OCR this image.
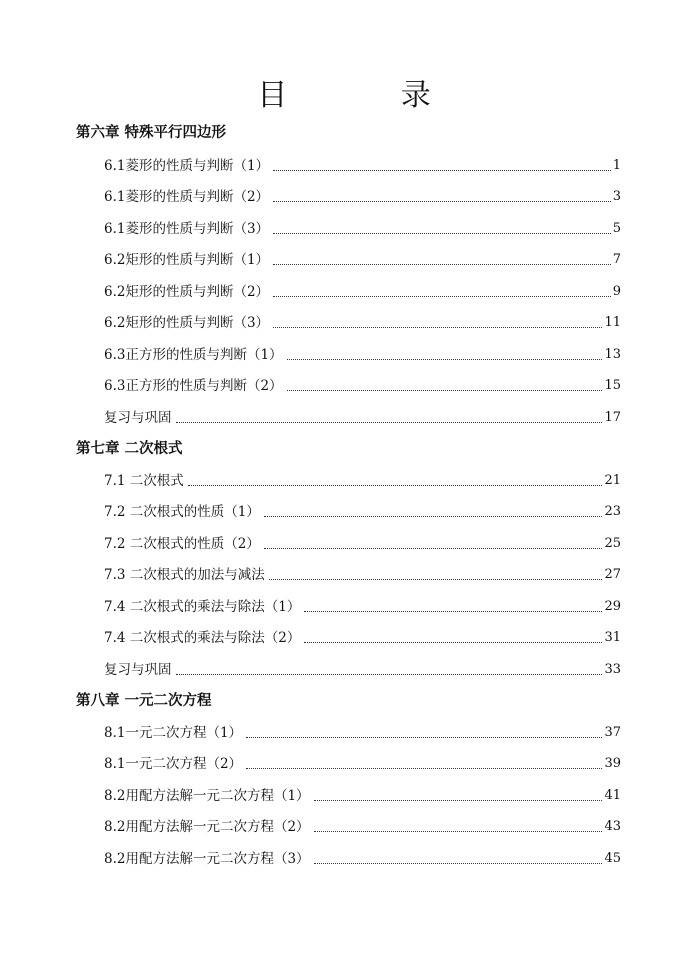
目 录
第六章 特殊平行四边形
6.1菱形的性质与判断（1）	1
6.1菱形的性质与判断（2）	3
6.1菱形的性质与判断（3）	5
6.2矩形的性质与判断（1）	7
6.2矩形的性质与判断（2）	9
6.2矩形的性质与判断（3）	11
6.3正方形的性质与判断（1）	13
6.3正方形的性质与判断（2）	15
复习与巩固	17
第七章 二次根式
7.1 二次根式	21
7.2 二次根式的性质（1）	23
7.2 二次根式的性质（2）	25
7.3 二次根式的加法与减法	27
7.4 二次根式的乘法与除法（1）	29
7.4 二次根式的乘法与除法（2）	31
复习与巩固	33
第八章 一元二次方程
8.1一元二次方程（1）	37
8.1一元二次方程（2）	39
8.2用配方法解一元二次方程（1）	41
8.2用配方法解一元二次方程（2）	43
8.2用配方法解一元二次方程（3）	45
